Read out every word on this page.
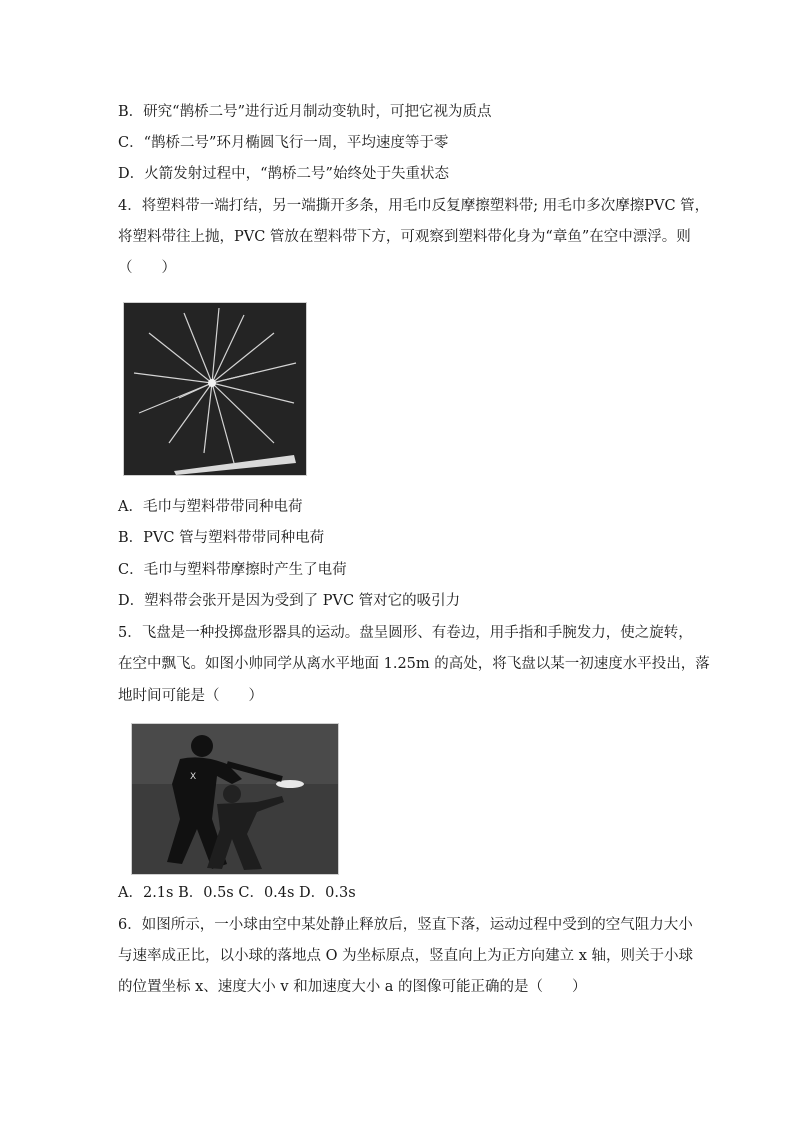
B．研究“鹊桥二号”进行近月制动变轨时，可把它视为质点
C．“鹊桥二号”环月椭圆飞行一周，平均速度等于零
D．火箭发射过程中，“鹊桥二号”始终处于失重状态
4．将塑料带一端打结，另一端撕开多条，用毛巾反复摩擦塑料带; 用毛巾多次摩擦PVC 管，
将塑料带往上抛，PVC 管放在塑料带下方，可观察到塑料带化身为“章鱼”在空中漂浮。则
（　　）
A．毛巾与塑料带带同种电荷
B．PVC 管与塑料带带同种电荷
C．毛巾与塑料带摩擦时产生了电荷
D．塑料带会张开是因为受到了 PVC 管对它的吸引力
5．飞盘是一种投掷盘形器具的运动。盘呈圆形、有卷边，用手指和手腕发力，使之旋转，
在空中飘飞。如图小帅同学从离水平地面 1.25m 的高处，将飞盘以某一初速度水平投出，落
地时间可能是（　　）
X
A．2.1s B．0.5s C．0.4s D．0.3s
6．如图所示，一小球由空中某处静止释放后，竖直下落，运动过程中受到的空气阻力大小
与速率成正比，以小球的落地点 O 为坐标原点，竖直向上为正方向建立 x 轴，则关于小球
的位置坐标 x、速度大小 v 和加速度大小 a 的图像可能正确的是（　　）
